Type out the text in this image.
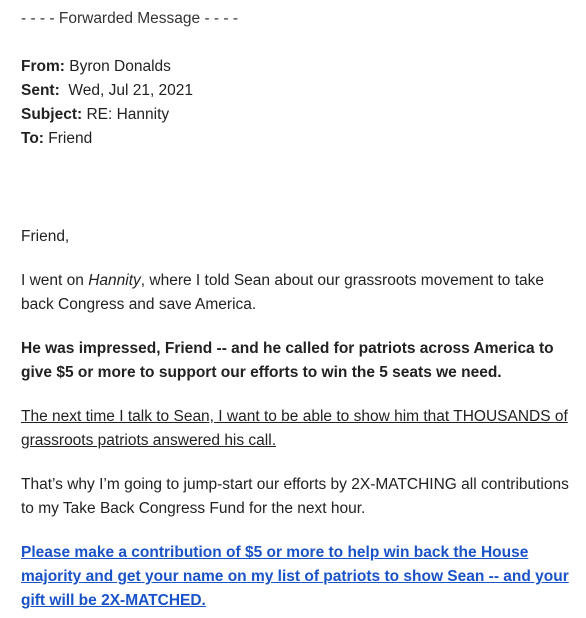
- - - - Forwarded Message - - - -

From: Byron Donalds

Sent: Wed, Jul 21, 2021

Subject: RE: Hannity

To: Friend

Friend,

I went on Hannity, where I told Sean about our grassroots movement to take back Congress and save America.

He was impressed, Friend -- and he called for patriots across America to give $5 or more to support our efforts to win the 5 seats we need.

The next time I talk to Sean, I want to be able to show him that THOUSANDS of grassroots patriots answered his call.

That’s why I’m going to jump-start our efforts by 2X-MATCHING all contributions to my Take Back Congress Fund for the next hour.

Please make a contribution of $5 or more to help win back the House majority and get your name on my list of patriots to show Sean -- and your gift will be 2X-MATCHED.
